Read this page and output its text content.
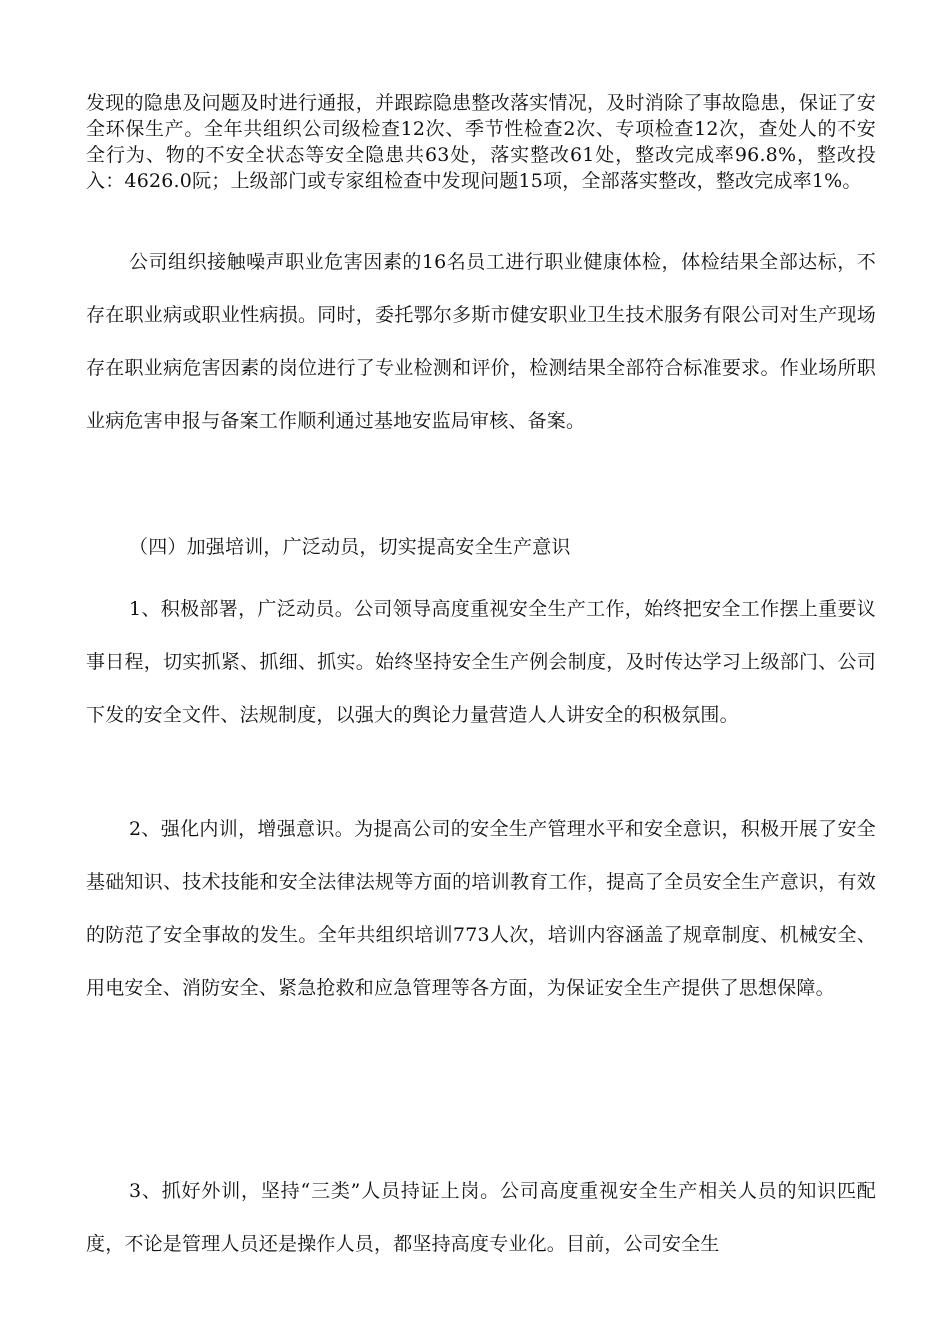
发现的隐患及问题及时进行通报，并跟踪隐患整改落实情况，及时消除了事故隐患，保证了安全环保生产。全年共组织公司级检查12次、季节性检查2次、专项检查12次，查处人的不安全行为、物的不安全状态等安全隐患共63处，落实整改61处，整改完成率96.8%，整改投入：4626.0阮；上级部门或专家组检查中发现问题15项，全部落实整改，整改完成率1%。

公司组织接触噪声职业危害因素的16名员工进行职业健康体检，体检结果全部达标，不存在职业病或职业性病损。同时，委托鄂尔多斯市健安职业卫生技术服务有限公司对生产现场存在职业病危害因素的岗位进行了专业检测和评价，检测结果全部符合标准要求。作业场所职业病危害申报与备案工作顺利通过基地安监局审核、备案。

（四）加强培训，广泛动员，切实提高安全生产意识

1、积极部署，广泛动员。公司领导高度重视安全生产工作，始终把安全工作摆上重要议事日程，切实抓紧、抓细、抓实。始终坚持安全生产例会制度，及时传达学习上级部门、公司下发的安全文件、法规制度，以强大的舆论力量营造人人讲安全的积极氛围。

2、强化内训，增强意识。为提高公司的安全生产管理水平和安全意识，积极开展了安全基础知识、技术技能和安全法律法规等方面的培训教育工作，提高了全员安全生产意识，有效的防范了安全事故的发生。全年共组织培训773人次，培训内容涵盖了规章制度、机械安全、用电安全、消防安全、紧急抢救和应急管理等各方面，为保证安全生产提供了思想保障。

3、抓好外训，坚持“三类”人员持证上岗。公司高度重视安全生产相关人员的知识匹配度，不论是管理人员还是操作人员，都坚持高度专业化。目前，公司安全生
